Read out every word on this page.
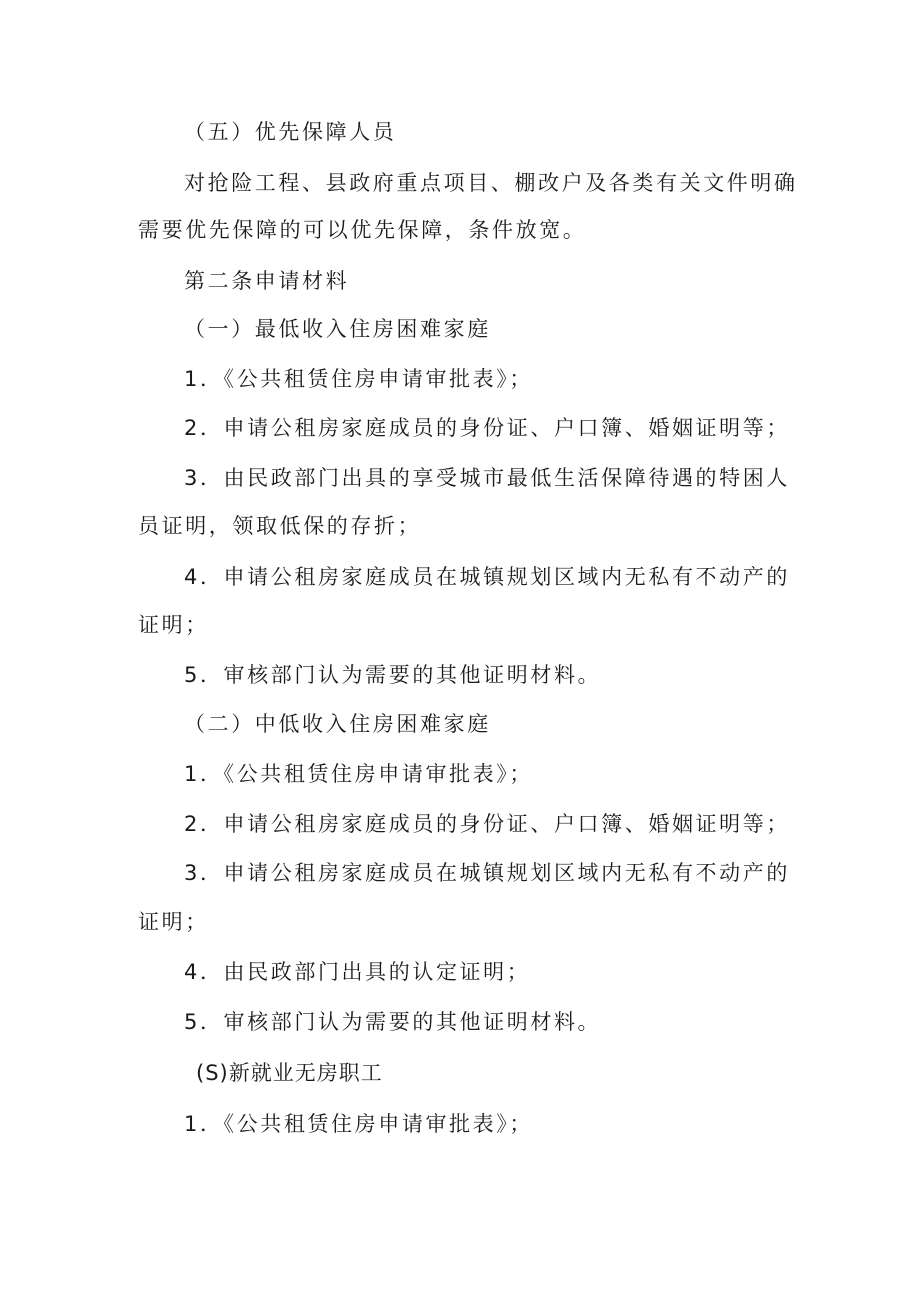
（五）优先保障人员
对抢险工程、县政府重点项目、棚改户及各类有关文件明确
需要优先保障的可以优先保障，条件放宽。
第二条申请材料
（一）最低收入住房困难家庭
1．《公共租赁住房申请审批表》；
2．申请公租房家庭成员的身份证、户口簿、婚姻证明等；
3．由民政部门出具的享受城市最低生活保障待遇的特困人
员证明，领取低保的存折；
4．申请公租房家庭成员在城镇规划区域内无私有不动产的
证明；
5．审核部门认为需要的其他证明材料。
（二）中低收入住房困难家庭
1．《公共租赁住房申请审批表》；
2．申请公租房家庭成员的身份证、户口簿、婚姻证明等；
3．申请公租房家庭成员在城镇规划区域内无私有不动产的
证明；
4．由民政部门出具的认定证明；
5．审核部门认为需要的其他证明材料。
(S)新就业无房职工
1．《公共租赁住房申请审批表》；
